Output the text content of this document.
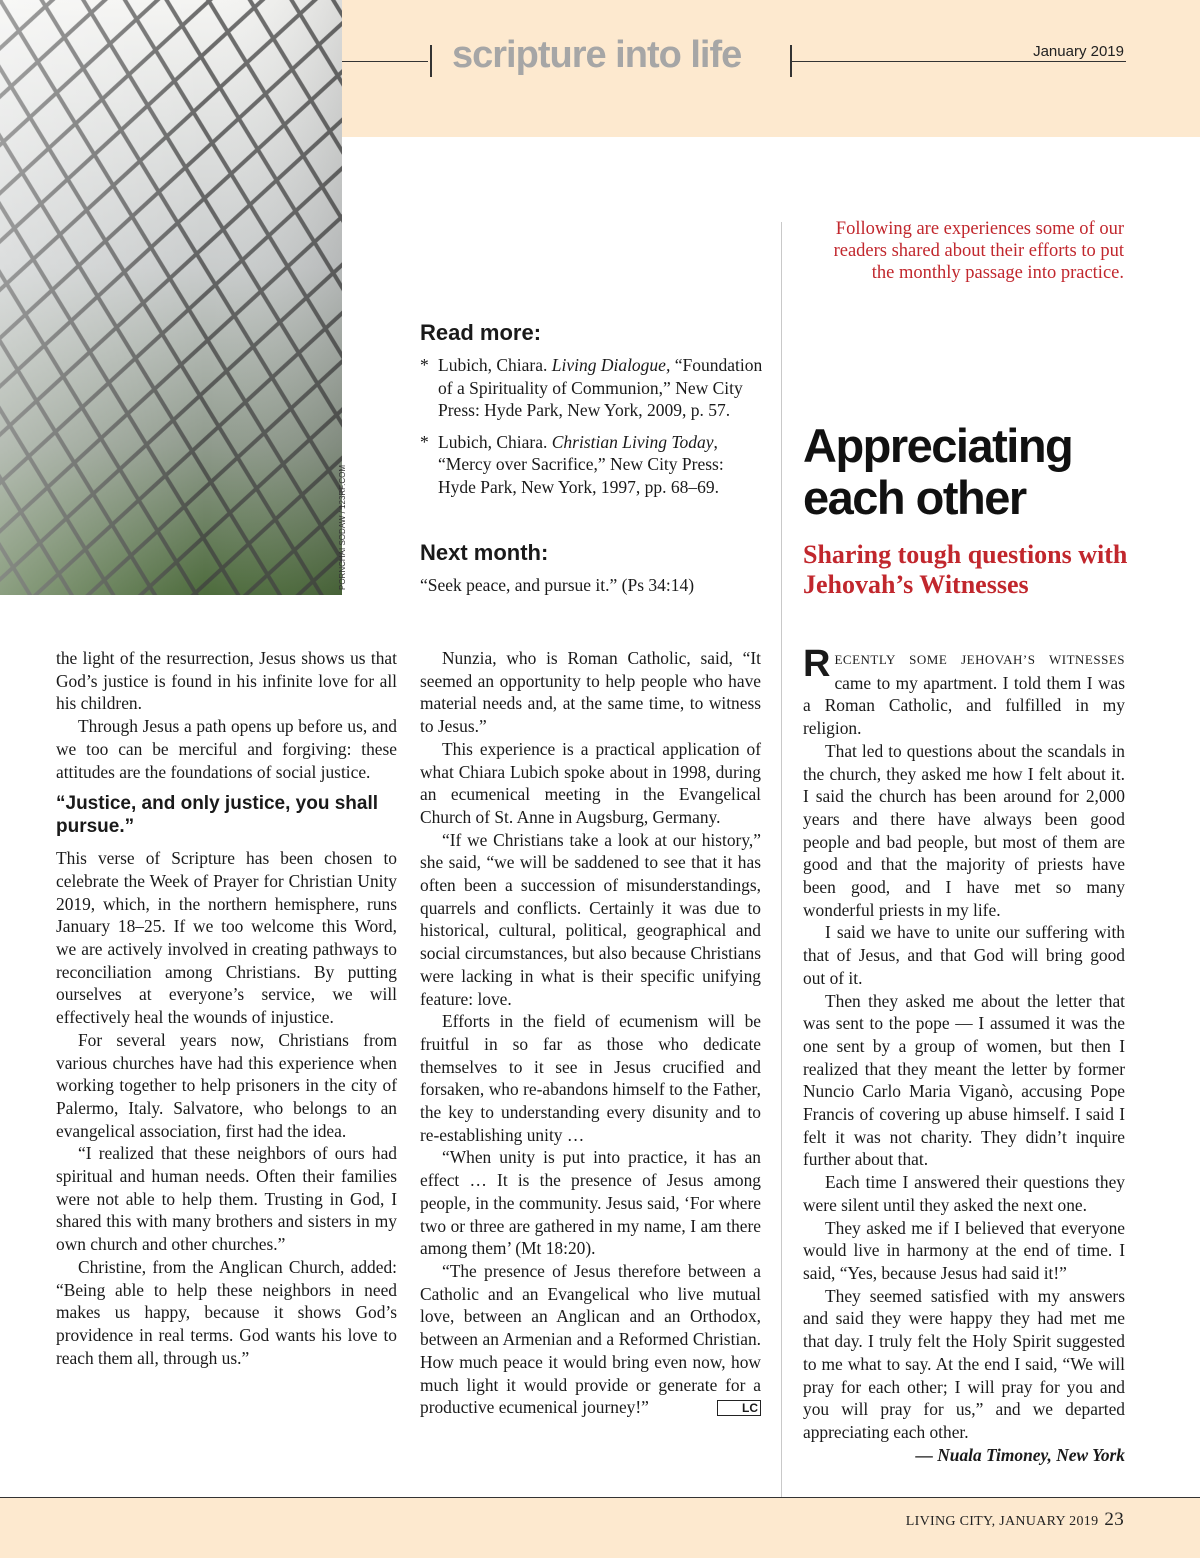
PORNCHAI SODAW / 123RF.COM
scripture into life	January 2019
Following are experiences some of our readers shared about their efforts to put the monthly passage into practice.
Read more:
* Lubich, Chiara. Living Dialogue, “Foundation of a Spirituality of Communion,” New City Press: Hyde Park, New York, 2009, p. 57.
* Lubich, Chiara. Christian Living Today, “Mercy over Sacrifice,” New City Press: Hyde Park, New York, 1997, pp. 68–69.
Next month:
“Seek peace, and pursue it.” (Ps 34:14)
Appreciating each other
Sharing tough questions with Jehovah’s Witnesses

the light of the resurrection, Jesus shows us that God’s justice is found in his infinite love for all his children.

Through Jesus a path opens up before us, and we too can be merciful and forgiving: these attitudes are the foundations of social justice.

“Justice, and only justice, you shall pursue.”

This verse of Scripture has been chosen to celebrate the Week of Prayer for Christian Unity 2019, which, in the northern hemisphere, runs January 18–25. If we too welcome this Word, we are actively involved in creating pathways to reconciliation among Christians. By putting ourselves at everyone’s service, we will effectively heal the wounds of injustice.

For several years now, Christians from various churches have had this experience when working together to help prisoners in the city of Palermo, Italy. Salvatore, who belongs to an evangelical association, first had the idea.

“I realized that these neighbors of ours had spiritual and human needs. Often their families were not able to help them. Trusting in God, I shared this with many brothers and sisters in my own church and other churches.”

Christine, from the Anglican Church, added: “Being able to help these neighbors in need makes us happy, because it shows God’s providence in real terms. God wants his love to reach them all, through us.”

Nunzia, who is Roman Catholic, said, “It seemed an opportunity to help people who have material needs and, at the same time, to witness to Jesus.”

This experience is a practical application of what Chiara Lubich spoke about in 1998, during an ecumenical meeting in the Evangelical Church of St. Anne in Augsburg, Germany.

“If we Christians take a look at our history,” she said, “we will be saddened to see that it has often been a succession of misunderstandings, quarrels and conflicts. Certainly it was due to historical, cultural, political, geographical and social circumstances, but also because Christians were lacking in what is their specific unifying feature: love.

Efforts in the field of ecumenism will be fruitful in so far as those who dedicate themselves to it see in Jesus crucified and forsaken, who re-abandons himself to the Father, the key to understanding every disunity and to re-establishing unity …

“When unity is put into practice, it has an effect … It is the presence of Jesus among people, in the community. Jesus said, ‘For where two or three are gathered in my name, I am there among them’ (Mt 18:20).

“The presence of Jesus therefore between a Catholic and an Evangelical who live mutual love, between an Anglican and an Orthodox, between an Armenian and a Reformed Christian. How much peace it would bring even now, how much light it would provide or generate for a productive ecumenical journey!”	LC

RECENTLY SOME JEHOVAH’S WITNESSES came to my apartment. I told them I was a Roman Catholic, and fulfilled in my religion.

That led to questions about the scandals in the church, they asked me how I felt about it. I said the church has been around for 2,000 years and there have always been good people and bad people, but most of them are good and that the majority of priests have been good, and I have met so many wonderful priests in my life.

I said we have to unite our suffering with that of Jesus, and that God will bring good out of it.

Then they asked me about the letter that was sent to the pope — I assumed it was the one sent by a group of women, but then I realized that they meant the letter by former Nuncio Carlo Maria Viganò, accusing Pope Francis of covering up abuse himself. I said I felt it was not charity. They didn’t inquire further about that.

Each time I answered their questions they were silent until they asked the next one.

They asked me if I believed that everyone would live in harmony at the end of time. I said, “Yes, because Jesus had said it!”

They seemed satisfied with my answers and said they were happy they had met me that day. I truly felt the Holy Spirit suggested to me what to say. At the end I said, “We will pray for each other; I will pray for you and you will pray for us,” and we departed appreciating each other.

— Nuala Timoney, New York

LIVING CITY, JANUARY 2019 23
